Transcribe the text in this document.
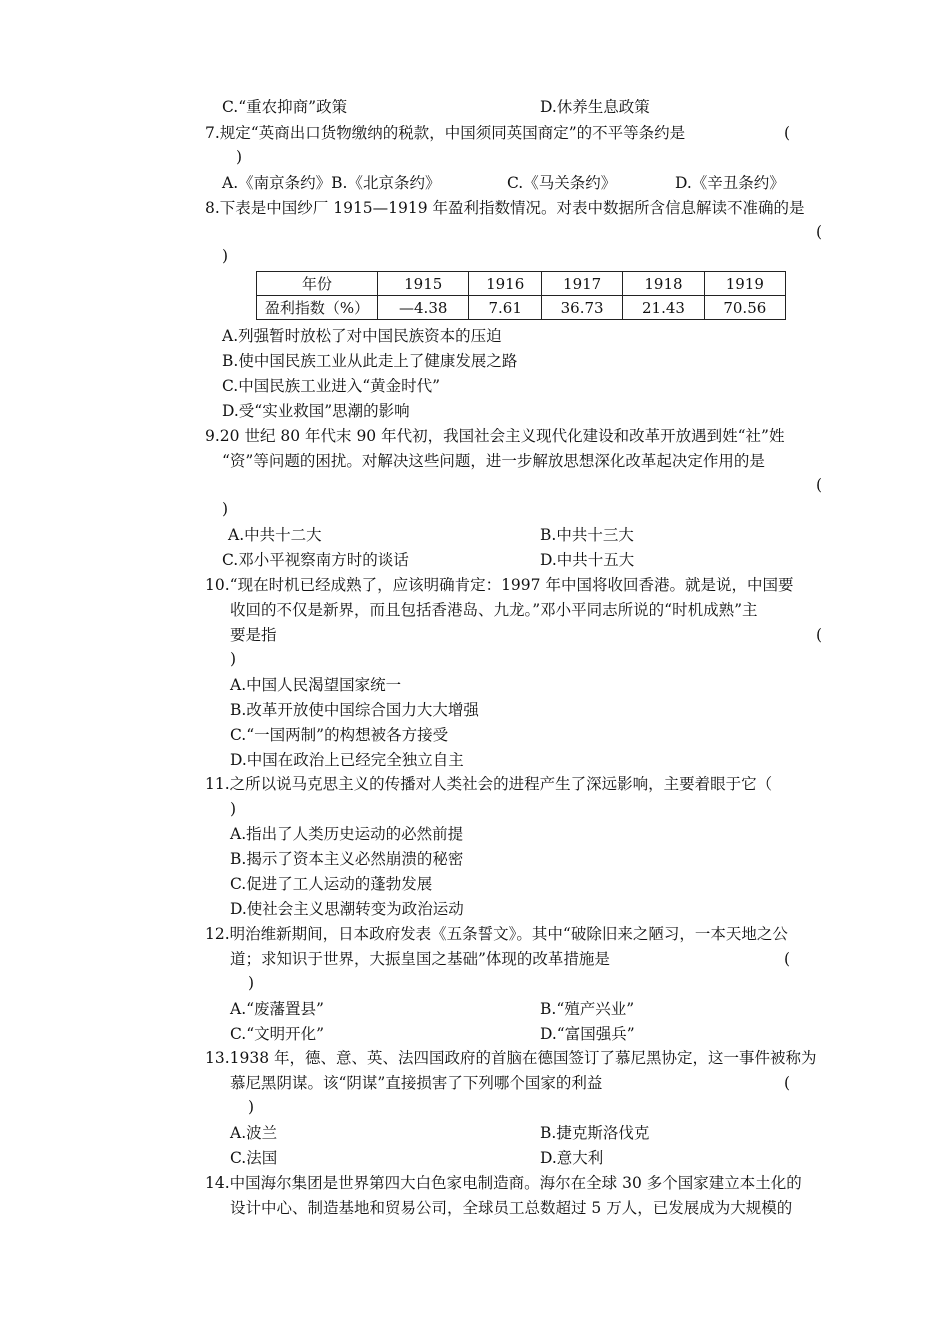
C.“重农抑商”政策	D.休养生息政策
7.规定“英商出口货物缴纳的税款，中国须同英国商定”的不平等条约是	(
)
A.《南京条约》B.《北京条约》	C.《马关条约》	D.《辛丑条约》
8.下表是中国纱厂 1915—1919 年盈利指数情况。对表中数据所含信息解读不准确的是
(
)
年份	1915	1916	1917	1918	1919
盈利指数（%）	—4.38	7.61	36.73	21.43	70.56
A.列强暂时放松了对中国民族资本的压迫
B.使中国民族工业从此走上了健康发展之路
C.中国民族工业进入“黄金时代”
D.受“实业救国”思潮的影响
9.20 世纪 80 年代末 90 年代初，我国社会主义现代化建设和改革开放遇到姓“社”姓
“资”等问题的困扰。对解决这些问题，进一步解放思想深化改革起决定作用的是
(
)
A.中共十二大	B.中共十三大
C.邓小平视察南方时的谈话	D.中共十五大
10.“现在时机已经成熟了，应该明确肯定：1997 年中国将收回香港。就是说，中国要
收回的不仅是新界，而且包括香港岛、九龙。”邓小平同志所说的“时机成熟”主
要是指	(
)
A.中国人民渴望国家统一
B.改革开放使中国综合国力大大增强
C.“一国两制”的构想被各方接受
D.中国在政治上已经完全独立自主
11.之所以说马克思主义的传播对人类社会的进程产生了深远影响，主要着眼于它（
)
A.指出了人类历史运动的必然前提
B.揭示了资本主义必然崩溃的秘密
C.促进了工人运动的蓬勃发展
D.使社会主义思潮转变为政治运动
12.明治维新期间，日本政府发表《五条誓文》。其中“破除旧来之陋习，一本天地之公
道；求知识于世界，大振皇国之基础”体现的改革措施是	(
)
A.“废藩置县”	B.“殖产兴业”
C.“文明开化”	D.“富国强兵”
13.1938 年，德、意、英、法四国政府的首脑在德国签订了慕尼黑协定，这一事件被称为
慕尼黑阴谋。该“阴谋”直接损害了下列哪个国家的利益	(
)
A.波兰	B.捷克斯洛伐克
C.法国	D.意大利
14.中国海尔集团是世界第四大白色家电制造商。海尔在全球 30 多个国家建立本土化的
设计中心、制造基地和贸易公司，全球员工总数超过 5 万人，已发展成为大规模的
